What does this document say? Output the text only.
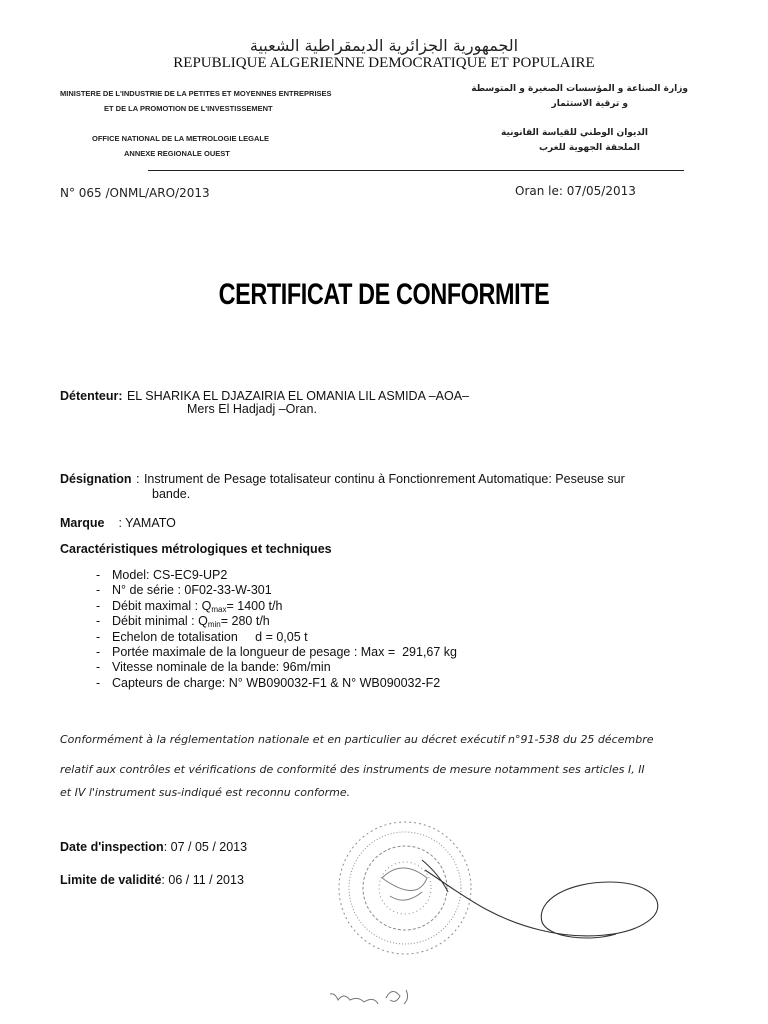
الجمهورية الجزائرية الديمقراطية الشعبية
REPUBLIQUE ALGERIENNE DEMOCRATIQUE ET POPULAIRE
MINISTERE DE L'INDUSTRIE DE LA PETITES ET MOYENNES ENTREPRISES
ET DE LA PROMOTION DE L'INVESTISSEMENT
OFFICE NATIONAL DE LA METROLOGIE LEGALE
ANNEXE REGIONALE OUEST
وزارة الصناعة و المؤسسات الصغيرة و المتوسطة
و ترقية الاستثمار
الديوان الوطني للقياسة القانونية
الملحقة الجهوية للغرب
N° 065 /ONML/ARO/2013	Oran le: 07/05/2013
CERTIFICAT DE CONFORMITE
Détenteur: EL SHARIKA EL DJAZAIRIA EL OMANIA LIL ASMIDA –AOA–
Mers El Hadjadj –Oran.
Désignation : Instrument de Pesage totalisateur continu à Fonctionrement Automatique: Peseuse sur
bande.
Marque : YAMATO
Caractéristiques métrologiques et techniques
- Model: CS-EC9-UP2
- N° de série : 0F02-33-W-301
- Débit maximal : $Q_{max}= 1400$ t/h
- Débit minimal : $Q_{min}= 280$ t/h
- Echelon de totalisation     d = 0,05 t
- Portée maximale de la longueur de pesage : Max =  291,67 kg
- Vitesse nominale de la bande: 96m/min
- Capteurs de charge: N° WB090032-F1 & N° WB090032-F2
Conformément à la réglementation nationale et en particulier au décret exécutif n°91-538 du 25 décembre
relatif aux contrôles et vérifications de conformité des instruments de mesure notamment ses articles I, II
et IV l'instrument sus-indiqué est reconnu conforme.
Date d'inspection: 07 / 05 / 2013
Limite de validité: 06 / 11 / 2013
